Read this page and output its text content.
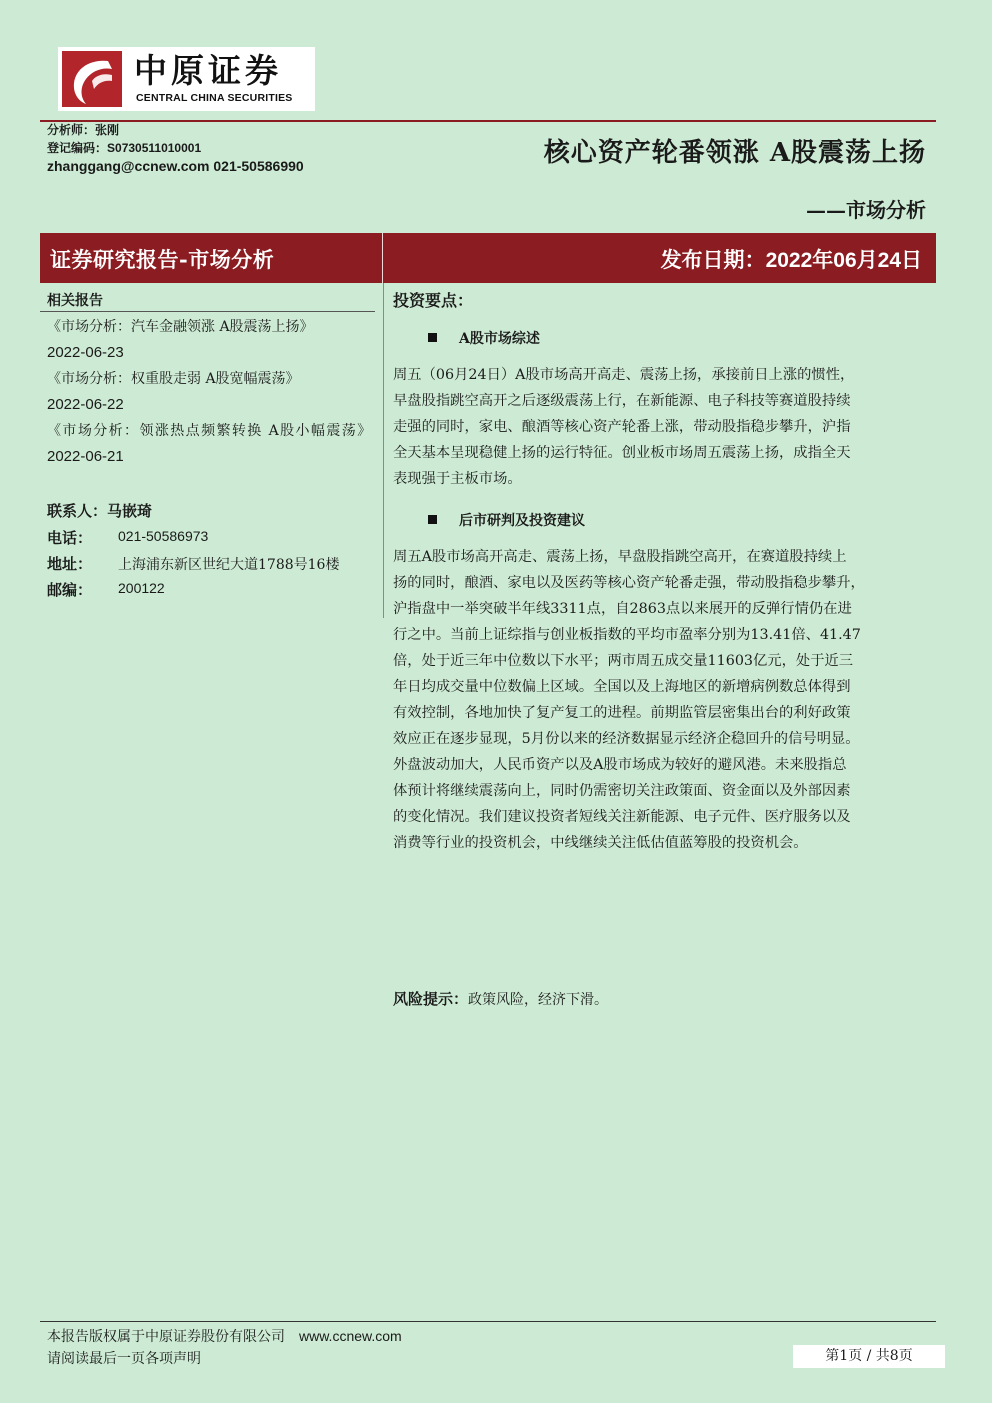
中原证券
CENTRAL CHINA SECURITIES
分析师：张刚
登记编码：S0730511010001
zhanggang@ccnew.com 021-50586990	核心资产轮番领涨 A股震荡上扬
——市场分析
证券研究报告-市场分析	发布日期：2022年06月24日
相关报告
《市场分析：汽车金融领涨 A股震荡上扬》
2022-06-23
《市场分析：权重股走弱 A股宽幅震荡》
2022-06-22
《市场分析：领涨热点频繁转换 A股小幅震荡》  2022-06-21
联系人：马嵌琦
电话： 021-50586973
地址： 上海浦东新区世纪大道1788号16楼
邮编： 200122
投资要点：
A股市场综述
周五（06月24日）A股市场高开高走、震荡上扬，承接前日上涨的惯性，
早盘股指跳空高开之后逐级震荡上行，在新能源、电子科技等赛道股持续
走强的同时，家电、酿酒等核心资产轮番上涨，带动股指稳步攀升，沪指
全天基本呈现稳健上扬的运行特征。创业板市场周五震荡上扬，成指全天
表现强于主板市场。
后市研判及投资建议
周五A股市场高开高走、震荡上扬，早盘股指跳空高开，在赛道股持续上
扬的同时，酿酒、家电以及医药等核心资产轮番走强，带动股指稳步攀升，
沪指盘中一举突破半年线3311点，自2863点以来展开的反弹行情仍在进
行之中。当前上证综指与创业板指数的平均市盈率分别为13.41倍、41.47
倍，处于近三年中位数以下水平；两市周五成交量11603亿元，处于近三
年日均成交量中位数偏上区域。全国以及上海地区的新增病例数总体得到
有效控制，各地加快了复产复工的进程。前期监管层密集出台的利好政策
效应正在逐步显现，5月份以来的经济数据显示经济企稳回升的信号明显。
外盘波动加大，人民币资产以及A股市场成为较好的避风港。未来股指总
体预计将继续震荡向上，同时仍需密切关注政策面、资金面以及外部因素
的变化情况。我们建议投资者短线关注新能源、电子元件、医疗服务以及
消费等行业的投资机会，中线继续关注低估值蓝筹股的投资机会。
风险提示：政策风险，经济下滑。
本报告版权属于中原证券股份有限公司 www.ccnew.com
请阅读最后一页各项声明	第1页 / 共8页
